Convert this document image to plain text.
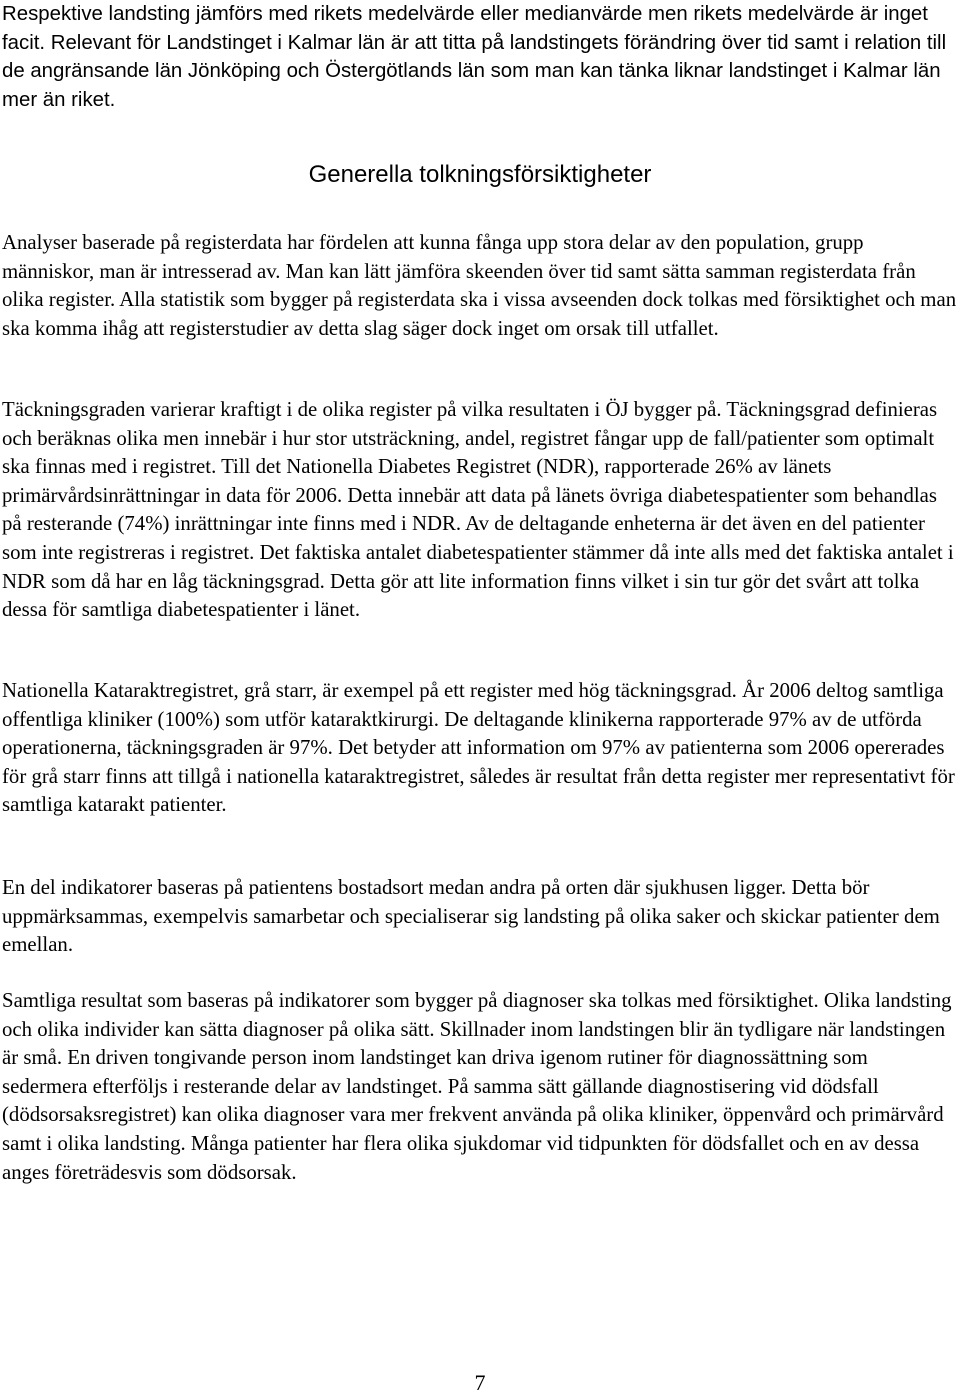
Respektive landsting jämförs med rikets medelvärde eller medianvärde men rikets medelvärde är inget facit. Relevant för Landstinget i Kalmar län är att titta på landstingets förändring över tid samt i relation till de angränsande län Jönköping och Östergötlands län som man kan tänka liknar landstinget i Kalmar län mer än riket.

Generella tolkningsförsiktigheter

Analyser baserade på registerdata har fördelen att kunna fånga upp stora delar av den population, grupp människor, man är intresserad av. Man kan lätt jämföra skeenden över tid samt sätta samman registerdata från olika register. Alla statistik som bygger på registerdata ska i vissa avseenden dock tolkas med försiktighet och man ska komma ihåg att registerstudier av detta slag säger dock inget om orsak till utfallet.

Täckningsgraden varierar kraftigt i de olika register på vilka resultaten i ÖJ bygger på. Täckningsgrad definieras och beräknas olika men innebär i hur stor utsträckning, andel, registret fångar upp de fall/patienter som optimalt ska finnas med i registret. Till det Nationella Diabetes Registret (NDR), rapporterade 26% av länets primärvårdsinrättningar in data för 2006. Detta innebär att data på länets övriga diabetespatienter som behandlas på resterande (74%) inrättningar inte finns med i NDR. Av de deltagande enheterna är det även en del patienter som inte registreras i registret. Det faktiska antalet diabetespatienter stämmer då inte alls med det faktiska antalet i NDR som då har en låg täckningsgrad. Detta gör att lite information finns vilket i sin tur gör det svårt att tolka dessa för samtliga diabetespatienter i länet.

Nationella Kataraktregistret, grå starr, är exempel på ett register med hög täckningsgrad. År 2006 deltog samtliga offentliga kliniker (100%) som utför kataraktkirurgi. De deltagande klinikerna rapporterade 97% av de utförda operationerna, täckningsgraden är 97%. Det betyder att information om 97% av patienterna som 2006 opererades för grå starr finns att tillgå i nationella kataraktregistret, således är resultat från detta register mer representativt för samtliga katarakt patienter.

En del indikatorer baseras på patientens bostadsort medan andra på orten där sjukhusen ligger. Detta bör uppmärksammas, exempelvis samarbetar och specialiserar sig landsting på olika saker och skickar patienter dem emellan.

Samtliga resultat som baseras på indikatorer som bygger på diagnoser ska tolkas med försiktighet. Olika landsting och olika individer kan sätta diagnoser på olika sätt. Skillnader inom landstingen blir än tydligare när landstingen är små. En driven tongivande person inom landstinget kan driva igenom rutiner för diagnossättning som sedermera efterföljs i resterande delar av landstinget. På samma sätt gällande diagnostisering vid dödsfall (dödsorsaksregistret) kan olika diagnoser vara mer frekvent använda på olika kliniker, öppenvård och primärvård samt i olika landsting. Många patienter har flera olika sjukdomar vid tidpunkten för dödsfallet och en av dessa anges företrädesvis som dödsorsak.

7
